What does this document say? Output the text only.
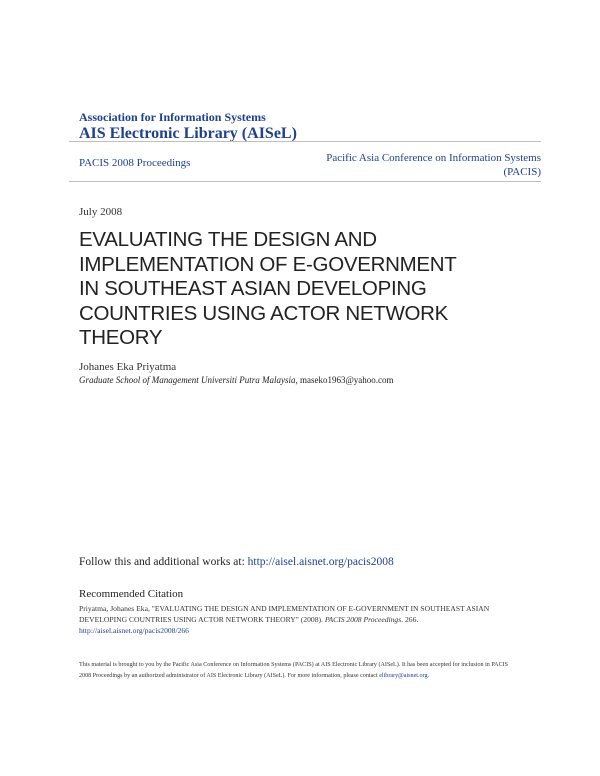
Association for Information Systems
AIS Electronic Library (AISeL)
PACIS 2008 Proceedings	Pacific Asia Conference on Information Systems
(PACIS)
July 2008
EVALUATING THE DESIGN AND
IMPLEMENTATION OF E-GOVERNMENT
IN SOUTHEAST ASIAN DEVELOPING
COUNTRIES USING ACTOR NETWORK
THEORY
Johanes Eka Priyatma
Graduate School of Management Universiti Putra Malaysia, maseko1963@yahoo.com
Follow this and additional works at: http://aisel.aisnet.org/pacis2008
Recommended Citation
Priyatma, Johanes Eka, "EVALUATING THE DESIGN AND IMPLEMENTATION OF E-GOVERNMENT IN SOUTHEAST ASIAN DEVELOPING COUNTRIES USING ACTOR NETWORK THEORY" (2008). PACIS 2008 Proceedings. 266.
http://aisel.aisnet.org/pacis2008/266
This material is brought to you by the Pacific Asia Conference on Information Systems (PACIS) at AIS Electronic Library (AISeL). It has been accepted for inclusion in PACIS 2008 Proceedings by an authorized administrator of AIS Electronic Library (AISeL). For more information, please contact elibrary@aisnet.org.
